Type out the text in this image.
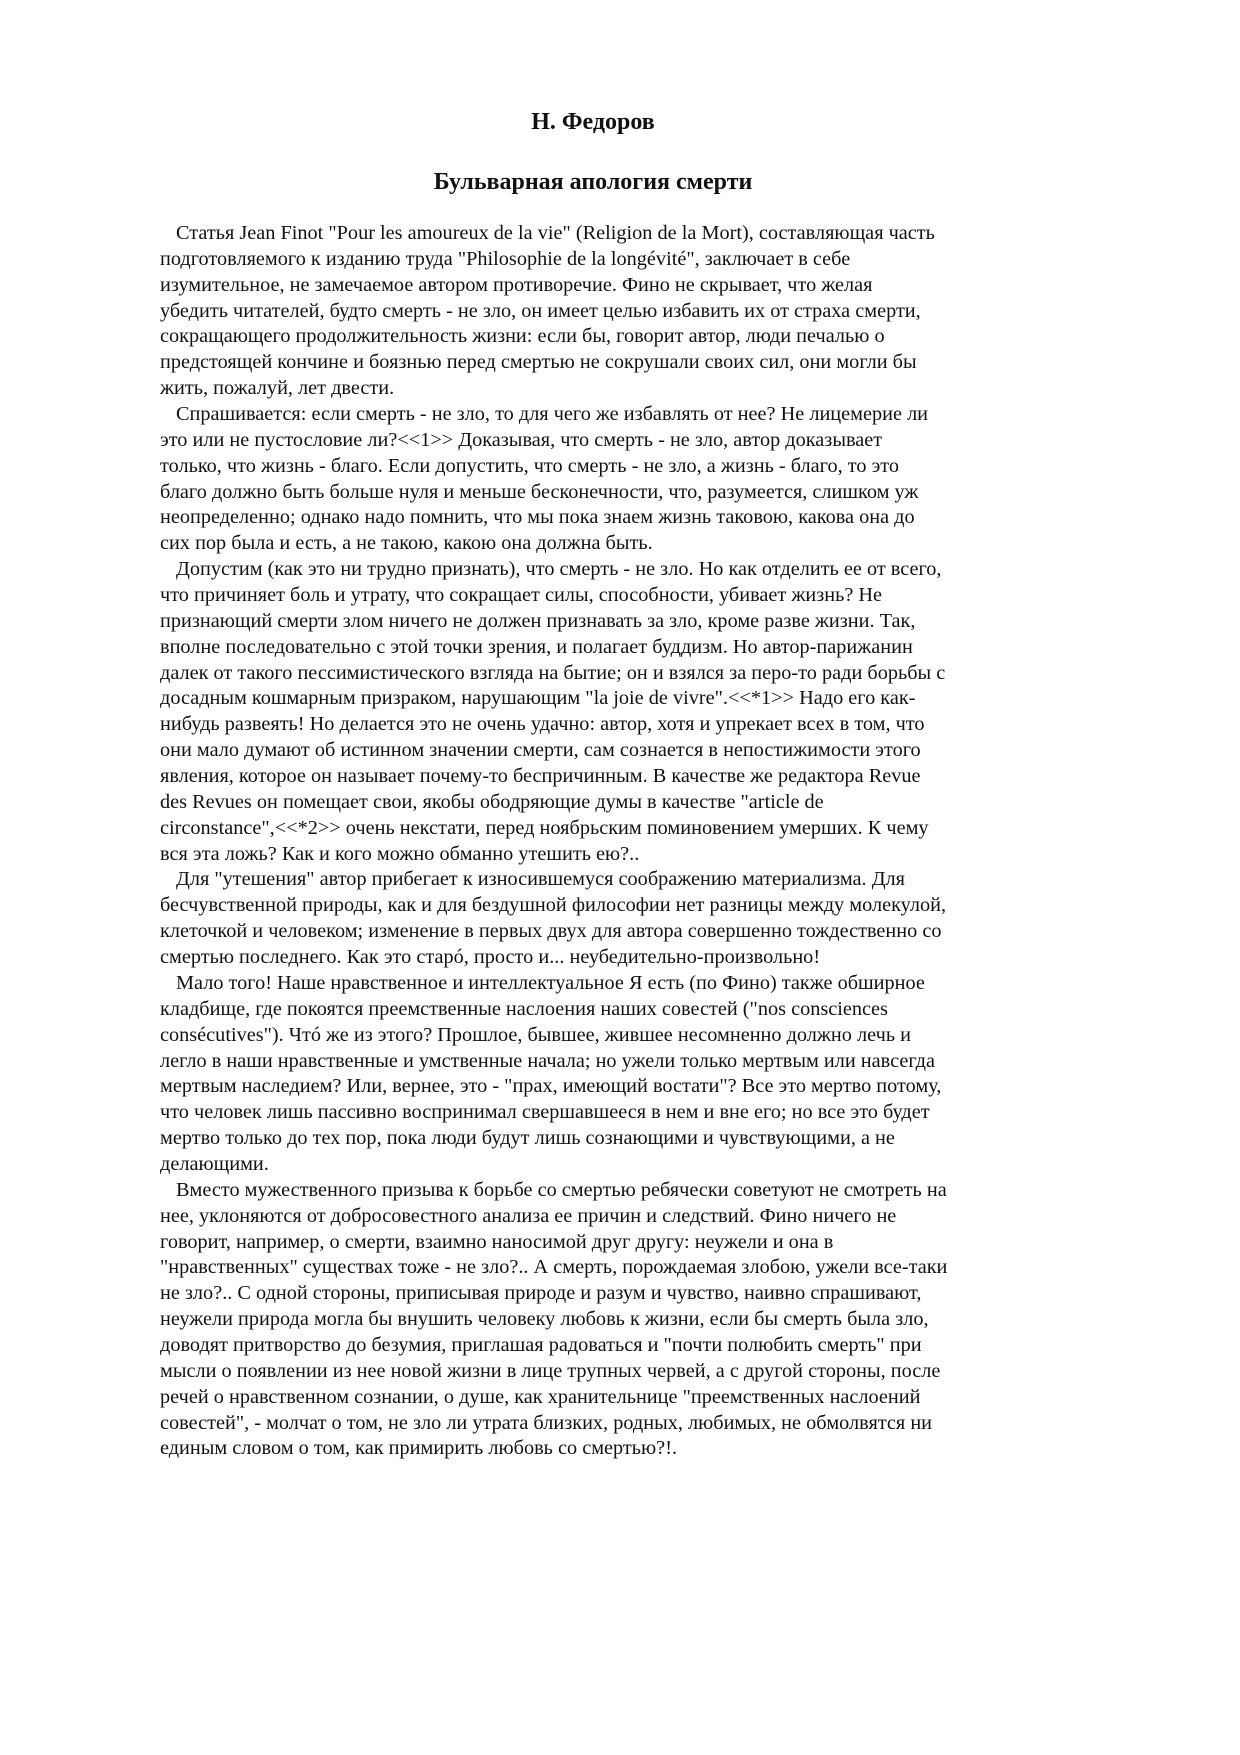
Н. Федоров
Бульварная апология смерти
Статья Jean Finot "Pour les amoureux de la vie" (Religion de la Mort), составляющая часть
подготовляемого к изданию труда "Philosophie de la longévité", заключает в себе
изумительное, не замечаемое автором противоречие. Фино не скрывает, что желая
убедить читателей, будто смерть - не зло, он имеет целью избавить их от страха смерти,
сокращающего продолжительность жизни: если бы, говорит автор, люди печалью о
предстоящей кончине и боязнью перед смертью не сокрушали своих сил, они могли бы
жить, пожалуй, лет двести.
Спрашивается: если смерть - не зло, то для чего же избавлять от нее? Не лицемерие ли
это или не пустословие ли?<<1>> Доказывая, что смерть - не зло, автор доказывает
только, что жизнь - благо. Если допустить, что смерть - не зло, а жизнь - благо, то это
благо должно быть больше нуля и меньше бесконечности, что, разумеется, слишком уж
неопределенно; однако надо помнить, что мы пока знаем жизнь таковою, какова она до
сих пор была и есть, а не такою, какою она должна быть.
Допустим (как это ни трудно признать), что смерть - не зло. Но как отделить ее от всего,
что причиняет боль и утрату, что сокращает силы, способности, убивает жизнь? Не
признающий смерти злом ничего не должен признавать за зло, кроме разве жизни. Так,
вполне последовательно с этой точки зрения, и полагает буддизм. Но автор-парижанин
далек от такого пессимистического взгляда на бытие; он и взялся за перо-то ради борьбы с
досадным кошмарным призраком, нарушающим "la joie de vivre".<<*1>> Надо его как-
нибудь развеять! Но делается это не очень удачно: автор, хотя и упрекает всех в том, что
они мало думают об истинном значении смерти, сам сознается в непостижимости этого
явления, которое он называет почему-то беспричинным. В качестве же редактора Revue
des Revues он помещает свои, якобы ободряющие думы в качестве "article de
circonstance",<<*2>> очень некстати, перед ноябрьским поминовением умерших. К чему
вся эта ложь? Как и кого можно обманно утешить ею?..
Для "утешения" автор прибегает к износившемуся соображению материализма. Для
бесчувственной природы, как и для бездушной философии нет разницы между молекулой,
клеточкой и человеком; изменение в первых двух для автора совершенно тождественно со
смертью последнего. Как это старó, просто и... неубедительно-произвольно!
Мало того! Наше нравственное и интеллектуальное Я есть (по Фино) также обширное
кладбище, где покоятся преемственные наслоения наших совестей ("nos consciences
consécutives"). Чтó же из этого? Прошлое, бывшее, жившее несомненно должно лечь и
легло в наши нравственные и умственные начала; но ужели только мертвым или навсегда
мертвым наследием? Или, вернее, это - "прах, имеющий востати"? Все это мертво потому,
что человек лишь пассивно воспринимал свершавшееся в нем и вне его; но все это будет
мертво только до тех пор, пока люди будут лишь сознающими и чувствующими, а не
делающими.
Вместо мужественного призыва к борьбе со смертью ребячески советуют не смотреть на
нее, уклоняются от добросовестного анализа ее причин и следствий. Фино ничего не
говорит, например, о смерти, взаимно наносимой друг другу: неужели и она в
"нравственных" существах тоже - не зло?.. А смерть, порождаемая злобою, ужели все-таки
не зло?.. С одной стороны, приписывая природе и разум и чувство, наивно спрашивают,
неужели природа могла бы внушить человеку любовь к жизни, если бы смерть была зло,
доводят притворство до безумия, приглашая радоваться и "почти полюбить смерть" при
мысли о появлении из нее новой жизни в лице трупных червей, а с другой стороны, после
речей о нравственном сознании, о душе, как хранительнице "преемственных наслоений
совестей", - молчат о том, не зло ли утрата близких, родных, любимых, не обмолвятся ни
единым словом о том, как примирить любовь со смертью?!.
